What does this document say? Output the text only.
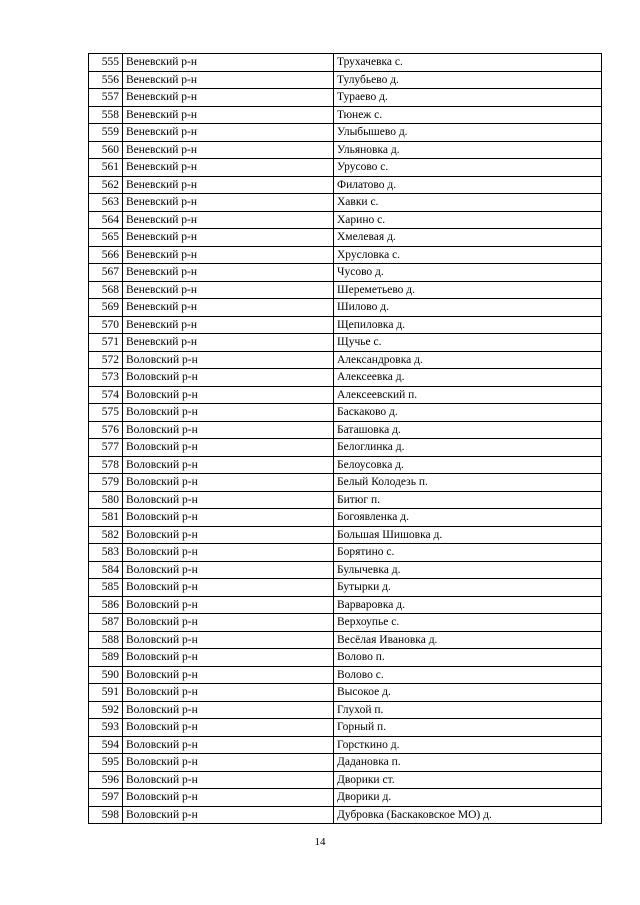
555	Веневский р-н	Трухачевка с.
556	Веневский р-н	Тулубьево д.
557	Веневский р-н	Тураево д.
558	Веневский р-н	Тюнеж с.
559	Веневский р-н	Улыбышево д.
560	Веневский р-н	Ульяновка д.
561	Веневский р-н	Урусово с.
562	Веневский р-н	Филатово д.
563	Веневский р-н	Хавки с.
564	Веневский р-н	Харино с.
565	Веневский р-н	Хмелевая д.
566	Веневский р-н	Хрусловка с.
567	Веневский р-н	Чусово д.
568	Веневский р-н	Шереметьево д.
569	Веневский р-н	Шилово д.
570	Веневский р-н	Щепиловка д.
571	Веневский р-н	Щучье с.
572	Воловский р-н	Александровка д.
573	Воловский р-н	Алексеевка д.
574	Воловский р-н	Алексеевский п.
575	Воловский р-н	Баскаково д.
576	Воловский р-н	Баташовка д.
577	Воловский р-н	Белоглинка д.
578	Воловский р-н	Белоусовка д.
579	Воловский р-н	Белый Колодезь п.
580	Воловский р-н	Битюг п.
581	Воловский р-н	Богоявленка д.
582	Воловский р-н	Большая Шишовка д.
583	Воловский р-н	Борятино с.
584	Воловский р-н	Булычевка д.
585	Воловский р-н	Бутырки д.
586	Воловский р-н	Варваровка д.
587	Воловский р-н	Верхоупье с.
588	Воловский р-н	Весёлая Ивановка д.
589	Воловский р-н	Волово п.
590	Воловский р-н	Волово с.
591	Воловский р-н	Высокое д.
592	Воловский р-н	Глухой п.
593	Воловский р-н	Горный п.
594	Воловский р-н	Горсткино д.
595	Воловский р-н	Дадановка п.
596	Воловский р-н	Дворики ст.
597	Воловский р-н	Дворики д.
598	Воловский р-н	Дубровка (Баскаковское МО) д.
14
